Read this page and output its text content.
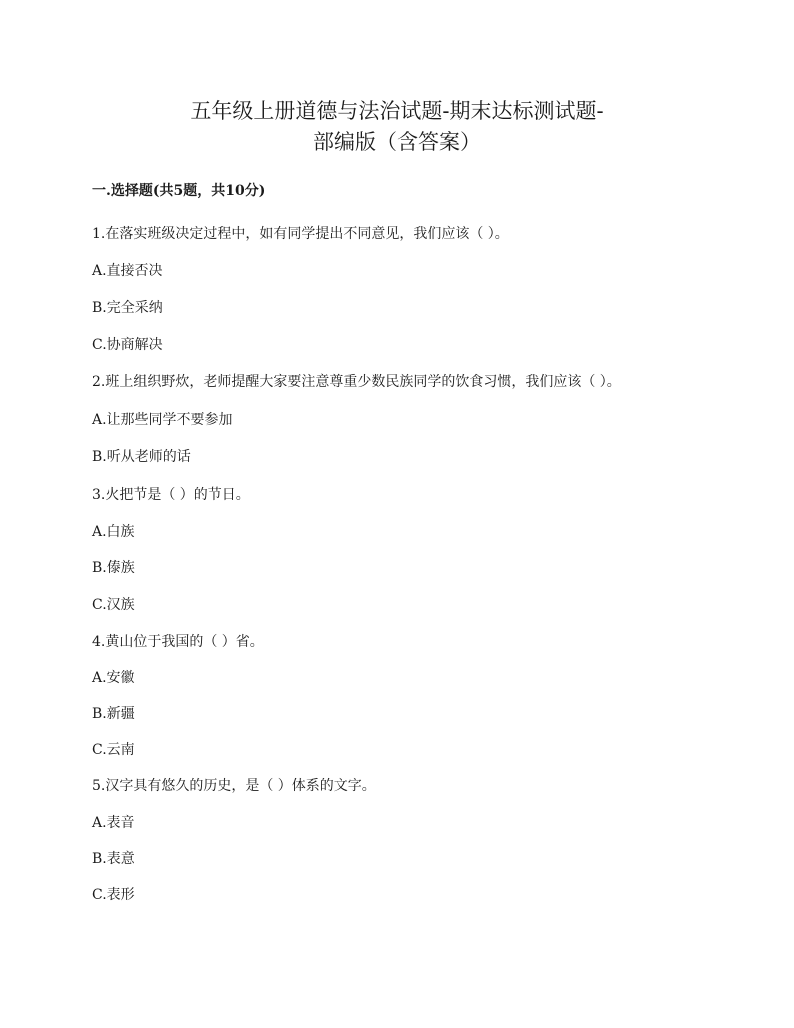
五年级上册道德与法治试题-期末达标测试题-
部编版（含答案）
一.选择题(共5题，共10分)
1.在落实班级决定过程中，如有同学提出不同意见，我们应该（ ）。
A.直接否决
B.完全采纳
C.协商解决
2.班上组织野炊，老师提醒大家要注意尊重少数民族同学的饮食习惯，我们应该（ ）。
A.让那些同学不要参加
B.听从老师的话
3.火把节是（ ）的节日。
A.白族
B.傣族
C.汉族
4.黄山位于我国的（ ）省。
A.安徽
B.新疆
C.云南
5.汉字具有悠久的历史，是（ ）体系的文字。
A.表音
B.表意
C.表形
